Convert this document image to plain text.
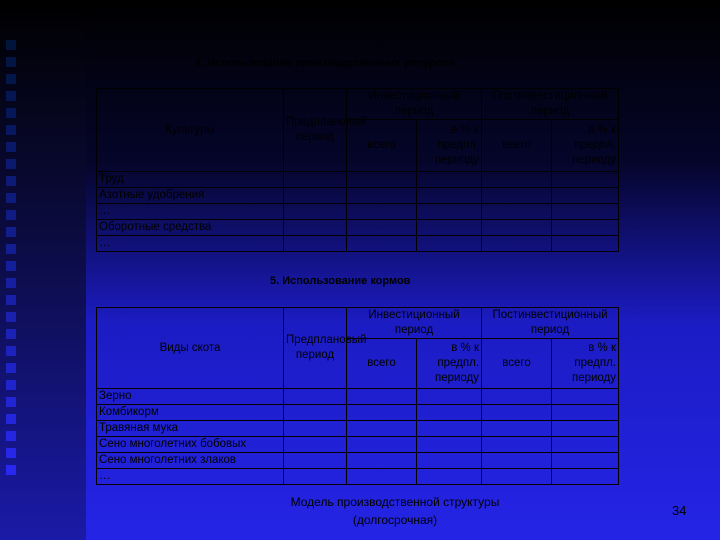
4. Использование производственных ресурсов
Культуры	Предплановый период	Инвестиционный период		Постинвестиционный период	
		всего	в % к предпл. периоду	всего	в % к предпл. периоду

Труд					
Азотные удобрения					
…					
Оборотные средства					
…					
5. Использование кормов
Виды скота	Предплановый период	Инвестиционный период		Постинвестиционный период	
		всего	в % к предпл. периоду	всего	в % к предпл. периоду

Зерно					
Комбикорм					
Травяная мука					
Сено многолетних бобовых					
Сено многолетних злаков					
…					
Модель производственной структуры (долгосрочная)
34
